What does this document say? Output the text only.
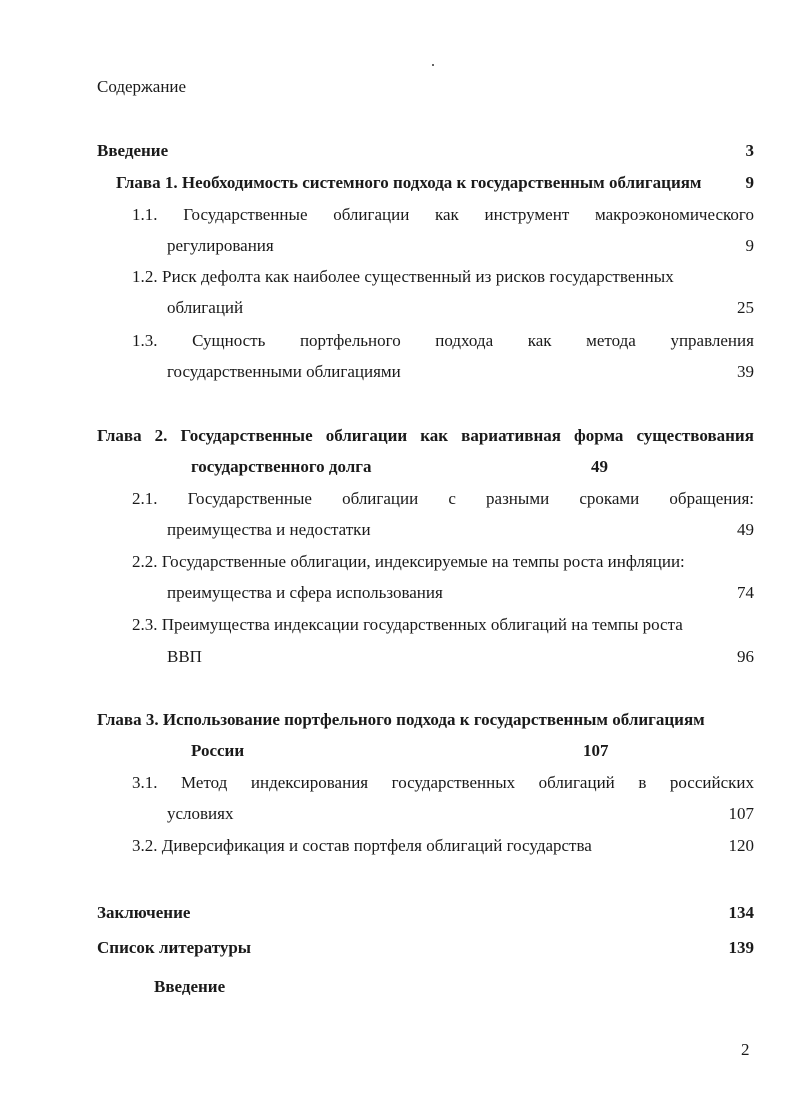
Содержание
Введение	3
Глава 1. Необходимость системного подхода к государственным облигациям	9
1.1. Государственные облигации как инструмент макроэкономического
регулирования	9
1.2. Риск дефолта как наиболее существенный из рисков государственных
облигаций	25
1.3. Сущность портфельного подхода как метода управления
государственными облигациями	39
Глава 2. Государственные облигации как вариативная форма существования
государственного долга	49
2.1. Государственные облигации с разными сроками обращения:
преимущества и недостатки	49
2.2. Государственные облигации, индексируемые на темпы роста инфляции:
преимущества и сфера использования	74
2.3. Преимущества индексации государственных облигаций на темпы роста
ВВП	96
Глава 3. Использование портфельного подхода к государственным облигациям
России	107
3.1. Метод индексирования государственных облигаций в российских
условиях	107
3.2. Диверсификация и состав портфеля облигаций государства	120
Заключение	134
Список литературы	139
Введение
2
